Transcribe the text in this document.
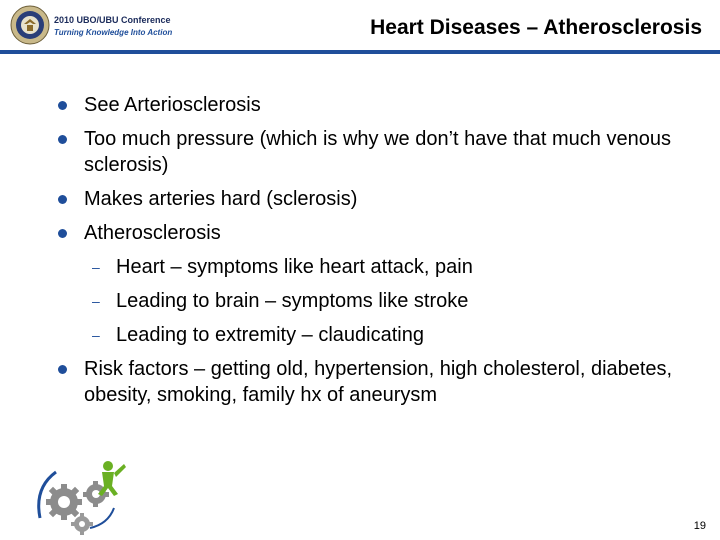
2010 UBO/UBU Conference
Turning Knowledge Into Action	Heart Diseases – Atherosclerosis
See Arteriosclerosis
Too much pressure (which is why we don’t have that much venous sclerosis)
Makes arteries hard (sclerosis)
Atherosclerosis
– Heart – symptoms like heart attack, pain
– Leading to brain – symptoms like stroke
– Leading to extremity – claudicating
Risk factors – getting old, hypertension, high cholesterol, diabetes, obesity, smoking, family hx of aneurysm
19
